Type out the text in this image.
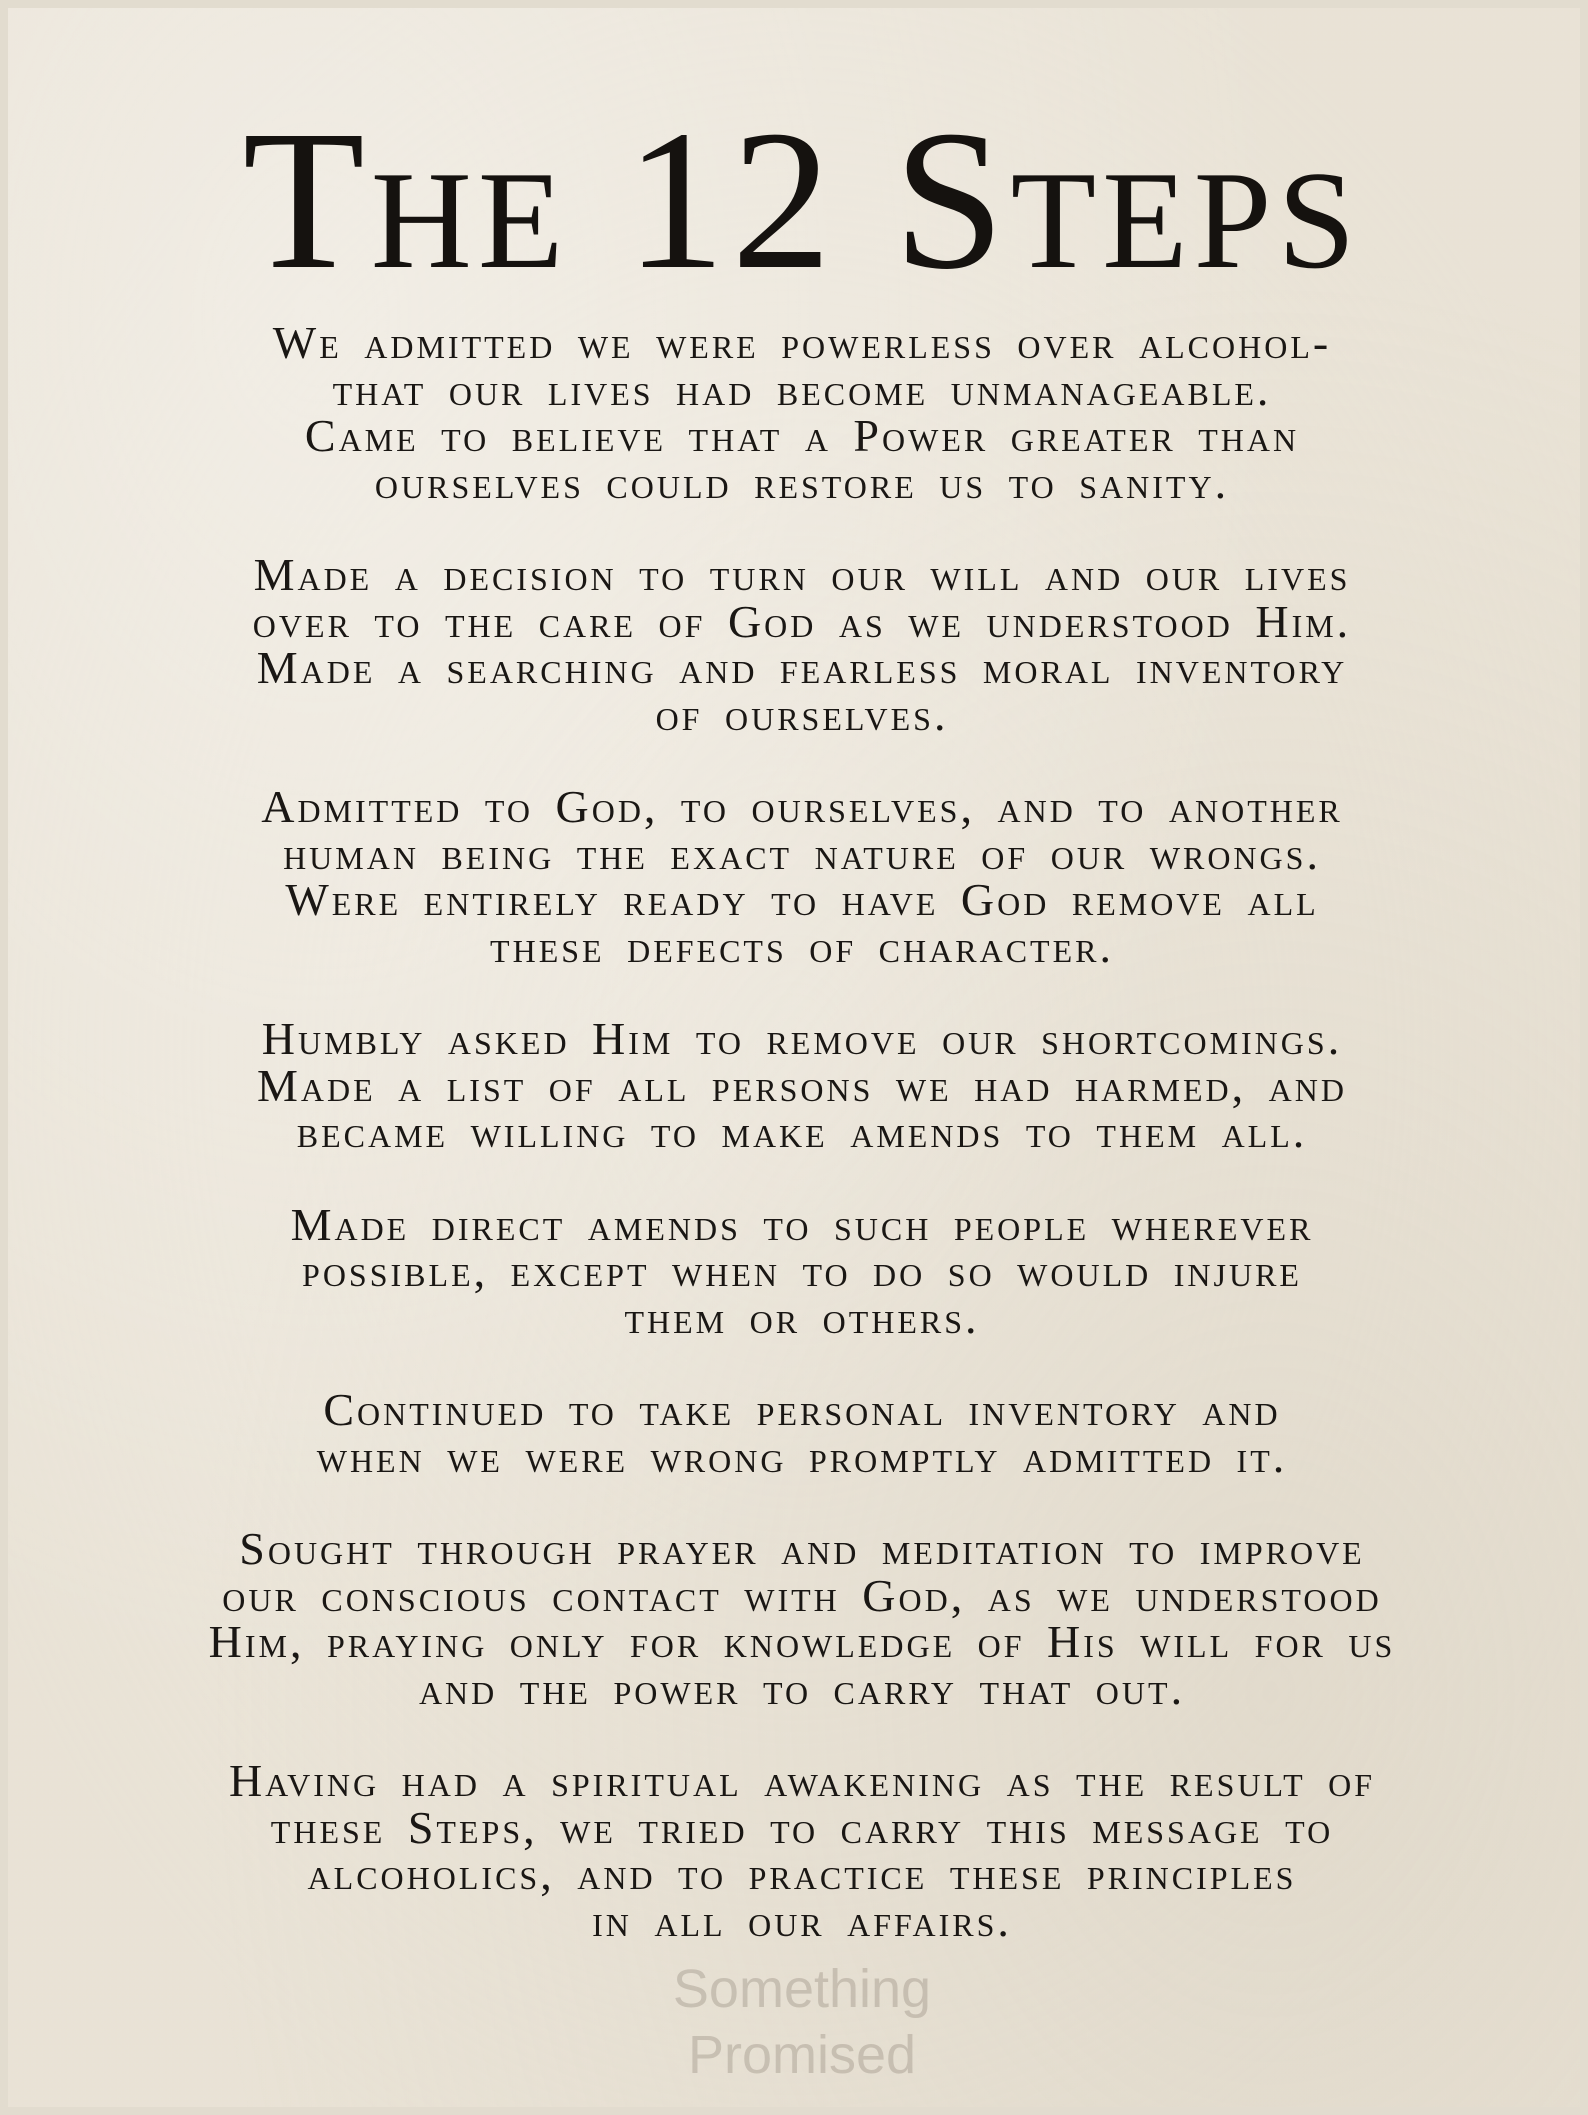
The 12 Steps
We admitted we were powerless over alcohol-
that our lives had become unmanageable.
Came to believe that a Power greater than
ourselves could restore us to sanity.
Made a decision to turn our will and our lives
over to the care of God as we understood Him.
Made a searching and fearless moral inventory
of ourselves.
Admitted to God, to ourselves, and to another
human being the exact nature of our wrongs.
Were entirely ready to have God remove all
these defects of character.
Humbly asked Him to remove our shortcomings.
Made a list of all persons we had harmed, and
became willing to make amends to them all.
Made direct amends to such people wherever
possible, except when to do so would injure
them or others.
Continued to take personal inventory and
when we were wrong promptly admitted it.
Sought through prayer and meditation to improve
our conscious contact with God, as we understood
Him, praying only for knowledge of His will for us
and the power to carry that out.
Having had a spiritual awakening as the result of
these Steps, we tried to carry this message to
alcoholics, and to practice these principles
in all our affairs.
Something
Promised
